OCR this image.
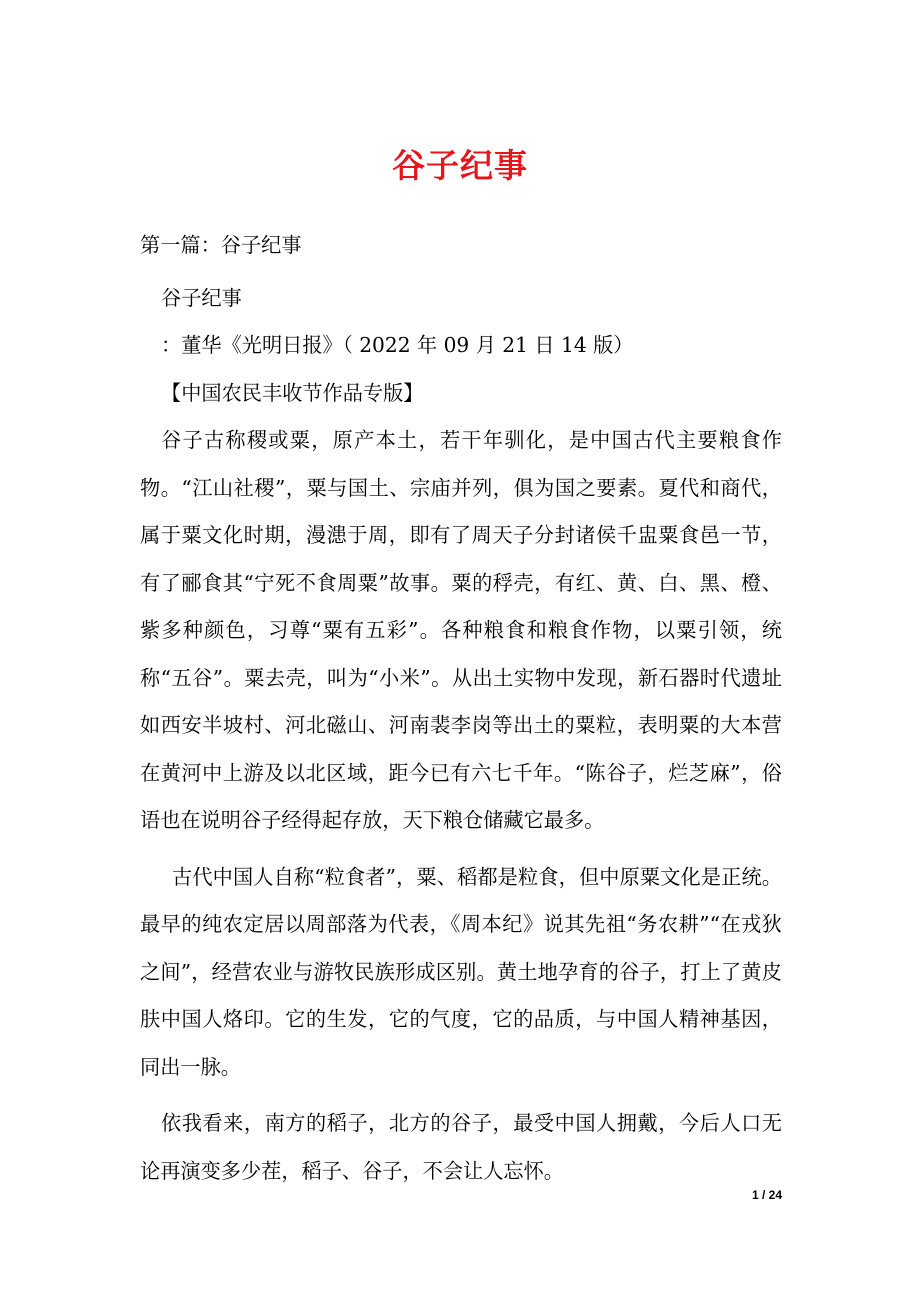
谷子纪事

第一篇：谷子纪事

谷子纪事

：董华《光明日报》（ 2022 年 09 月 21 日 14 版）

【中国农民丰收节作品专版】

谷子古称稷或粟，原产本土，若干年驯化，是中国古代主要粮食作物。“江山社稷”，粟与国土、宗庙并列，俱为国之要素。夏代和商代，属于粟文化时期，漫漶于周，即有了周天子分封诸侯千盅粟食邑一节，有了郦食其“宁死不食周粟”故事。粟的稃壳，有红、黄、白、黑、橙、紫多种颜色，习尊“粟有五彩”。各种粮食和粮食作物，以粟引领，统称“五谷”。粟去壳，叫为“小米”。从出土实物中发现，新石器时代遗址如西安半坡村、河北磁山、河南裴李岗等出土的粟粒，表明粟的大本营在黄河中上游及以北区域，距今已有六七千年。“陈谷子，烂芝麻”，俗语也在说明谷子经得起存放，天下粮仓储藏它最多。

古代中国人自称“粒食者”，粟、稻都是粒食，但中原粟文化是正统。最早的纯农定居以周部落为代表，《周本纪》说其先祖“务农耕”“在戎狄之间”，经营农业与游牧民族形成区别。黄土地孕育的谷子，打上了黄皮肤中国人烙印。它的生发，它的气度，它的品质，与中国人精神基因，同出一脉。

依我看来，南方的稻子，北方的谷子，最受中国人拥戴，今后人口无论再演变多少茬，稻子、谷子，不会让人忘怀。

1 / 24
